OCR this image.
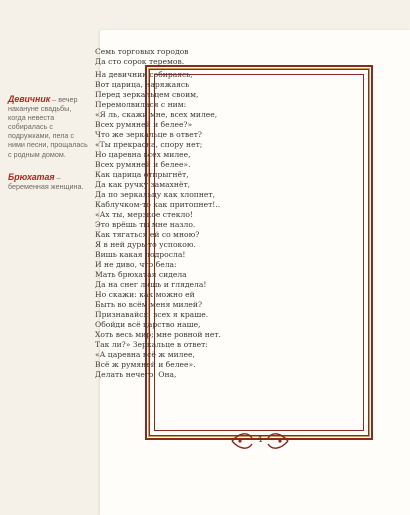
Девичник – вечер накануне свадьбы, когда невеста собиралась с подружками, пела с ними песни, прощалась с родным домом.

Брюхатая – беременная женщина.

4
Семь торговых городов
Да сто сорок теремов.
На девичник собираясь,
Вот царица, наряжаясь
Перед зеркальцем своим,
Перемолвилася с ним:
«Я ль, скажи мне, всех милее,
Всех румяней и белее?»
Что же зеркальце в ответ?
«Ты прекрасна, спору нет;
Но царевна всех милее,
Всех румяней и белее».
Как царица отпрыгнёт,
Да как ручку замахнёт,
Да по зеркальцу как хлопнет,
Каблучком-то как притопнет!..
«Ах ты, мерзкое стекло!
Это врёшь ты мне назло.
Как тягаться ей со мною?
Я в ней дурь-то успокою.
Вишь какая подросла!
И не диво, что бела:
Мать брюхатая сидела
Да на снег лишь и глядела!
Но скажи: как можно ей
Быть во всём меня милей?
Признавайся: всех я краше.
Обойди всё царство наше,
Хоть весь мир; мне ровной нет.
Так ли?» Зеркальце в ответ:
«А царевна всё ж милее,
Всё ж румяней и белее».
Делать нечего. Она,
